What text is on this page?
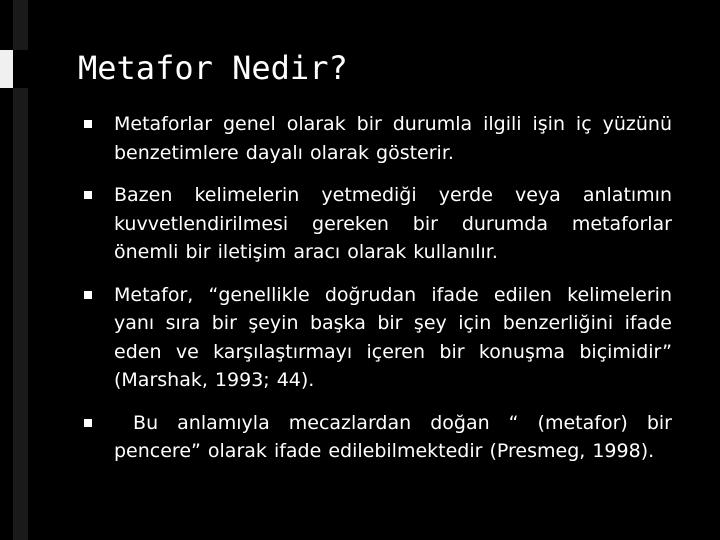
Metafor Nedir?
Metaforlar genel olarak bir durumla ilgili işin iç yüzünü benzetimlere dayalı olarak gösterir.
Bazen kelimelerin yetmediği yerde veya anlatımın kuvvetlendirilmesi gereken bir durumda metaforlar önemli bir iletişim aracı olarak kullanılır.
Metafor, “genellikle doğrudan ifade edilen kelimelerin yanı sıra bir şeyin başka bir şey için benzerliğini ifade eden ve karşılaştırmayı içeren bir konuşma biçimidir” (Marshak, 1993; 44).
Bu anlamıyla mecazlardan doğan “ (metafor) bir pencere” olarak ifade edilebilmektedir (Presmeg, 1998).
